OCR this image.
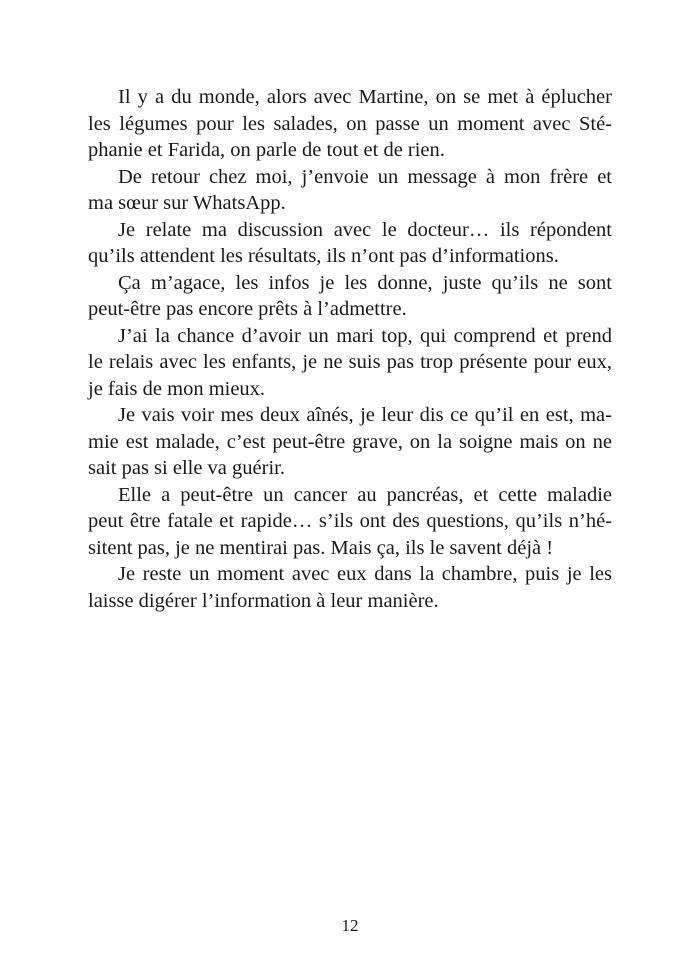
Il y a du monde, alors avec Martine, on se met à éplucher
les légumes pour les salades, on passe un moment avec Sté-
phanie et Farida, on parle de tout et de rien.
De retour chez moi, j’envoie un message à mon frère et
ma sœur sur WhatsApp.
Je relate ma discussion avec le docteur… ils répondent
qu’ils attendent les résultats, ils n’ont pas d’informations.
Ça m’agace, les infos je les donne, juste qu’ils ne sont
peut-être pas encore prêts à l’admettre.
J’ai la chance d’avoir un mari top, qui comprend et prend
le relais avec les enfants, je ne suis pas trop présente pour eux,
je fais de mon mieux.
Je vais voir mes deux aînés, je leur dis ce qu’il en est, ma-
mie est malade, c’est peut-être grave, on la soigne mais on ne
sait pas si elle va guérir.
Elle a peut-être un cancer au pancréas, et cette maladie
peut être fatale et rapide… s’ils ont des questions, qu’ils n’hé-
sitent pas, je ne mentirai pas. Mais ça, ils le savent déjà !
Je reste un moment avec eux dans la chambre, puis je les
laisse digérer l’information à leur manière.
12
